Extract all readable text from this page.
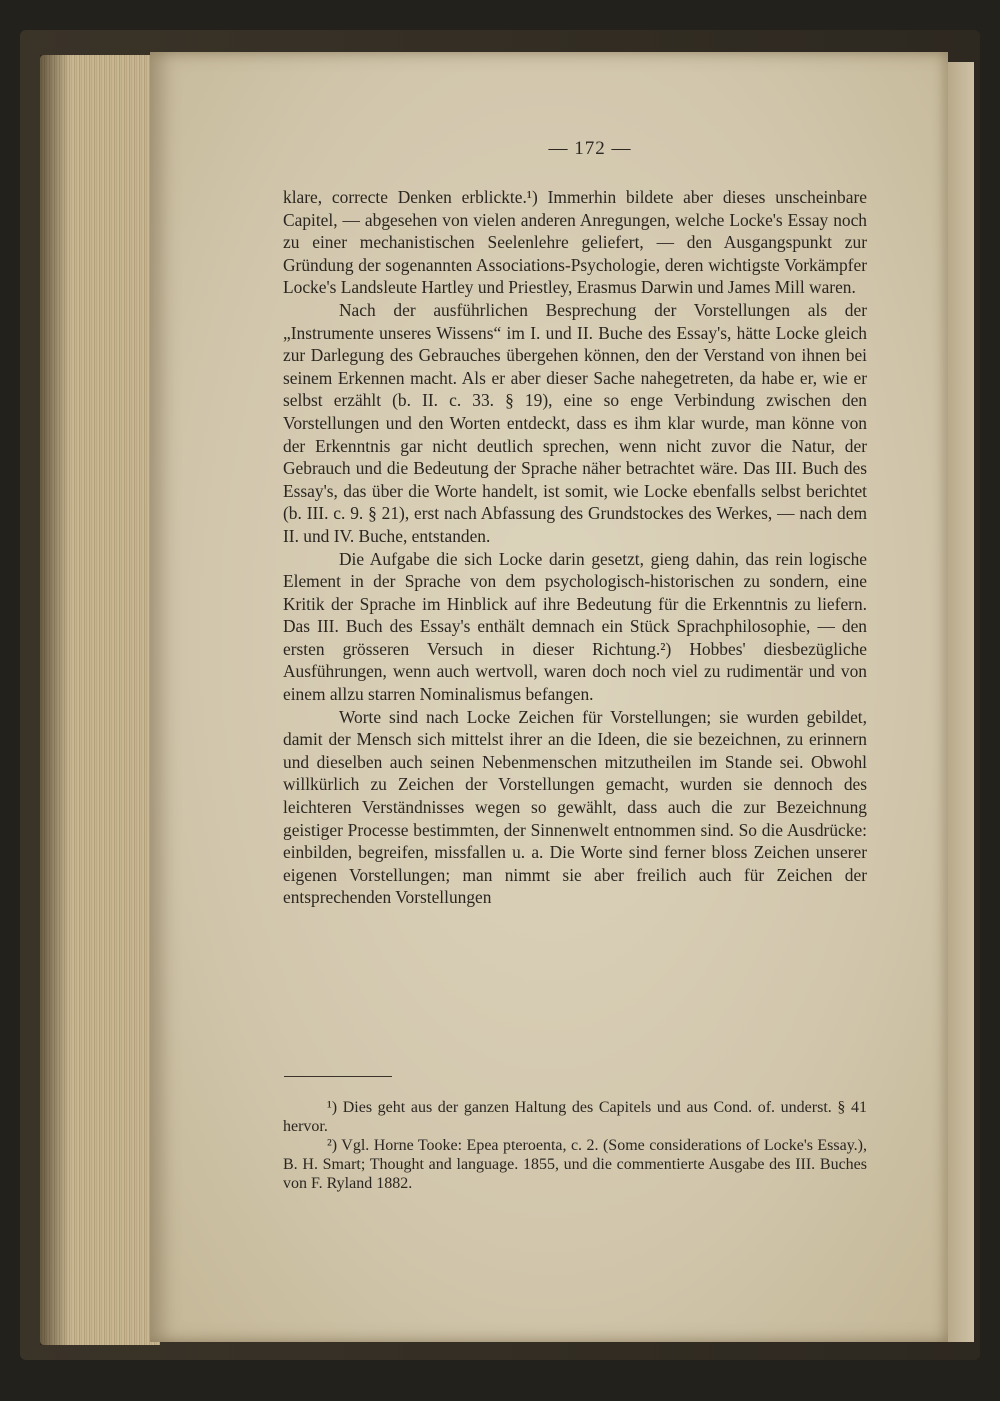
— 172 —

klare, correcte Denken erblickte.¹) Immerhin bildete aber dieses unscheinbare Capitel, — abgesehen von vielen anderen Anregungen, welche Locke's Essay noch zu einer mechanistischen Seelenlehre geliefert, — den Ausgangspunkt zur Gründung der sogenannten Associations-Psychologie, deren wichtigste Vorkämpfer Locke's Landsleute Hartley und Priestley, Erasmus Darwin und James Mill waren.

Nach der ausführlichen Besprechung der Vorstellungen als der „Instrumente unseres Wissens“ im I. und II. Buche des Essay's, hätte Locke gleich zur Darlegung des Gebrauches übergehen können, den der Verstand von ihnen bei seinem Erkennen macht. Als er aber dieser Sache nahegetreten, da habe er, wie er selbst erzählt (b. II. c. 33. § 19), eine so enge Verbindung zwischen den Vorstellungen und den Worten entdeckt, dass es ihm klar wurde, man könne von der Erkenntnis gar nicht deutlich sprechen, wenn nicht zuvor die Natur, der Gebrauch und die Bedeutung der Sprache näher betrachtet wäre. Das III. Buch des Essay's, das über die Worte handelt, ist somit, wie Locke ebenfalls selbst berichtet (b. III. c. 9. § 21), erst nach Abfassung des Grundstockes des Werkes, — nach dem II. und IV. Buche, entstanden.

Die Aufgabe die sich Locke darin gesetzt, gieng dahin, das rein logische Element in der Sprache von dem psychologisch-historischen zu sondern, eine Kritik der Sprache im Hinblick auf ihre Bedeutung für die Erkenntnis zu liefern. Das III. Buch des Essay's enthält demnach ein Stück Sprachphilosophie, — den ersten grösseren Versuch in dieser Richtung.²) Hobbes' diesbezügliche Ausführungen, wenn auch wertvoll, waren doch noch viel zu rudimentär und von einem allzu starren Nominalismus befangen.

Worte sind nach Locke Zeichen für Vorstellungen; sie wurden gebildet, damit der Mensch sich mittelst ihrer an die Ideen, die sie bezeichnen, zu erinnern und dieselben auch seinen Nebenmenschen mitzutheilen im Stande sei. Obwohl willkürlich zu Zeichen der Vorstellungen gemacht, wurden sie dennoch des leichteren Verständnisses wegen so gewählt, dass auch die zur Bezeichnung geistiger Processe bestimmten, der Sinnenwelt entnommen sind. So die Ausdrücke: einbilden, begreifen, missfallen u. a. Die Worte sind ferner bloss Zeichen unserer eigenen Vorstellungen; man nimmt sie aber freilich auch für Zeichen der entsprechenden Vorstellungen

¹) Dies geht aus der ganzen Haltung des Capitels und aus Cond. of. underst. § 41 hervor.

²) Vgl. Horne Tooke: Epea pteroenta, c. 2. (Some considerations of Locke's Essay.), B. H. Smart; Thought and language. 1855, und die commentierte Ausgabe des III. Buches von F. Ryland 1882.
